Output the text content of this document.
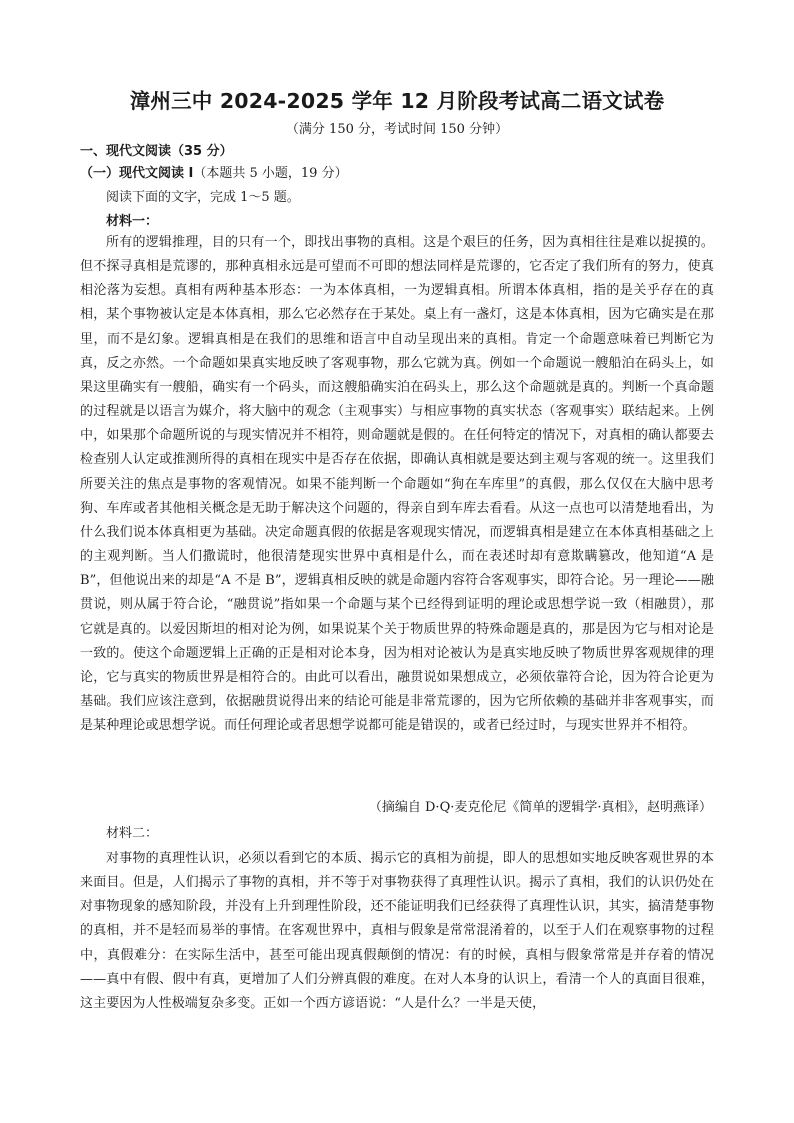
漳州三中 2024-2025 学年 12 月阶段考试高二语文试卷
（满分 150 分，考试时间 150 分钟）
一、现代文阅读（35 分）
（一）现代文阅读 I（本题共 5 小题，19 分）
阅读下面的文字，完成 1～5 题。
材料一：
所有的逻辑推理，目的只有一个，即找出事物的真相。这是个艰巨的任务，因为真相往往是难以捉摸的。但不探寻真相是荒谬的，那种真相永远是可望而不可即的想法同样是荒谬的，它否定了我们所有的努力，使真相沦落为妄想。真相有两种基本形态：一为本体真相，一为逻辑真相。所谓本体真相，指的是关乎存在的真相，某个事物被认定是本体真相，那么它必然存在于某处。桌上有一盏灯，这是本体真相，因为它确实是在那里，而不是幻象。逻辑真相是在我们的思维和语言中自动呈现出来的真相。肯定一个命题意味着已判断它为真，反之亦然。一个命题如果真实地反映了客观事物，那么它就为真。例如一个命题说一艘船泊在码头上，如果这里确实有一艘船，确实有一个码头，而这艘船确实泊在码头上，那么这个命题就是真的。判断一个真命题的过程就是以语言为媒介，将大脑中的观念（主观事实）与相应事物的真实状态（客观事实）联结起来。上例中，如果那个命题所说的与现实情况并不相符，则命题就是假的。在任何特定的情况下，对真相的确认都要去检查别人认定或推测所得的真相在现实中是否存在依据，即确认真相就是要达到主观与客观的统一。这里我们所要关注的焦点是事物的客观情况。如果不能判断一个命题如“狗在车库里”的真假，那么仅仅在大脑中思考狗、车库或者其他相关概念是无助于解决这个问题的，得亲自到车库去看看。从这一点也可以清楚地看出，为什么我们说本体真相更为基础。决定命题真假的依据是客观现实情况，而逻辑真相是建立在本体真相基础之上的主观判断。当人们撒谎时，他很清楚现实世界中真相是什么，而在表述时却有意欺瞒篡改，他知道“A 是 B”，但他说出来的却是“A 不是 B”，逻辑真相反映的就是命题内容符合客观事实，即符合论。另一理论——融贯说，则从属于符合论，“融贯说”指如果一个命题与某个已经得到证明的理论或思想学说一致（相融贯），那它就是真的。以爱因斯坦的相对论为例，如果说某个关于物质世界的特殊命题是真的，那是因为它与相对论是一致的。使这个命题逻辑上正确的正是相对论本身，因为相对论被认为是真实地反映了物质世界客观规律的理论，它与真实的物质世界是相符合的。由此可以看出，融贯说如果想成立，必须依靠符合论，因为符合论更为基础。我们应该注意到，依据融贯说得出来的结论可能是非常荒谬的，因为它所依赖的基础并非客观事实，而是某种理论或思想学说。而任何理论或者思想学说都可能是错误的，或者已经过时，与现实世界并不相符。
（摘编自 D·Q·麦克伦尼《简单的逻辑学·真相》，赵明燕译）
材料二：
对事物的真理性认识，必须以看到它的本质、揭示它的真相为前提，即人的思想如实地反映客观世界的本来面目。但是，人们揭示了事物的真相，并不等于对事物获得了真理性认识。揭示了真相，我们的认识仍处在对事物现象的感知阶段，并没有上升到理性阶段，还不能证明我们已经获得了真理性认识，其实，搞清楚事物的真相，并不是轻而易举的事情。在客观世界中，真相与假象是常常混淆着的，以至于人们在观察事物的过程中，真假难分：在实际生活中，甚至可能出现真假颠倒的情况：有的时候，真相与假象常常是并存着的情况——真中有假、假中有真，更增加了人们分辨真假的难度。在对人本身的认识上，看清一个人的真面目很难，这主要因为人性极端复杂多变。正如一个西方谚语说：“人是什么？一半是天使，
